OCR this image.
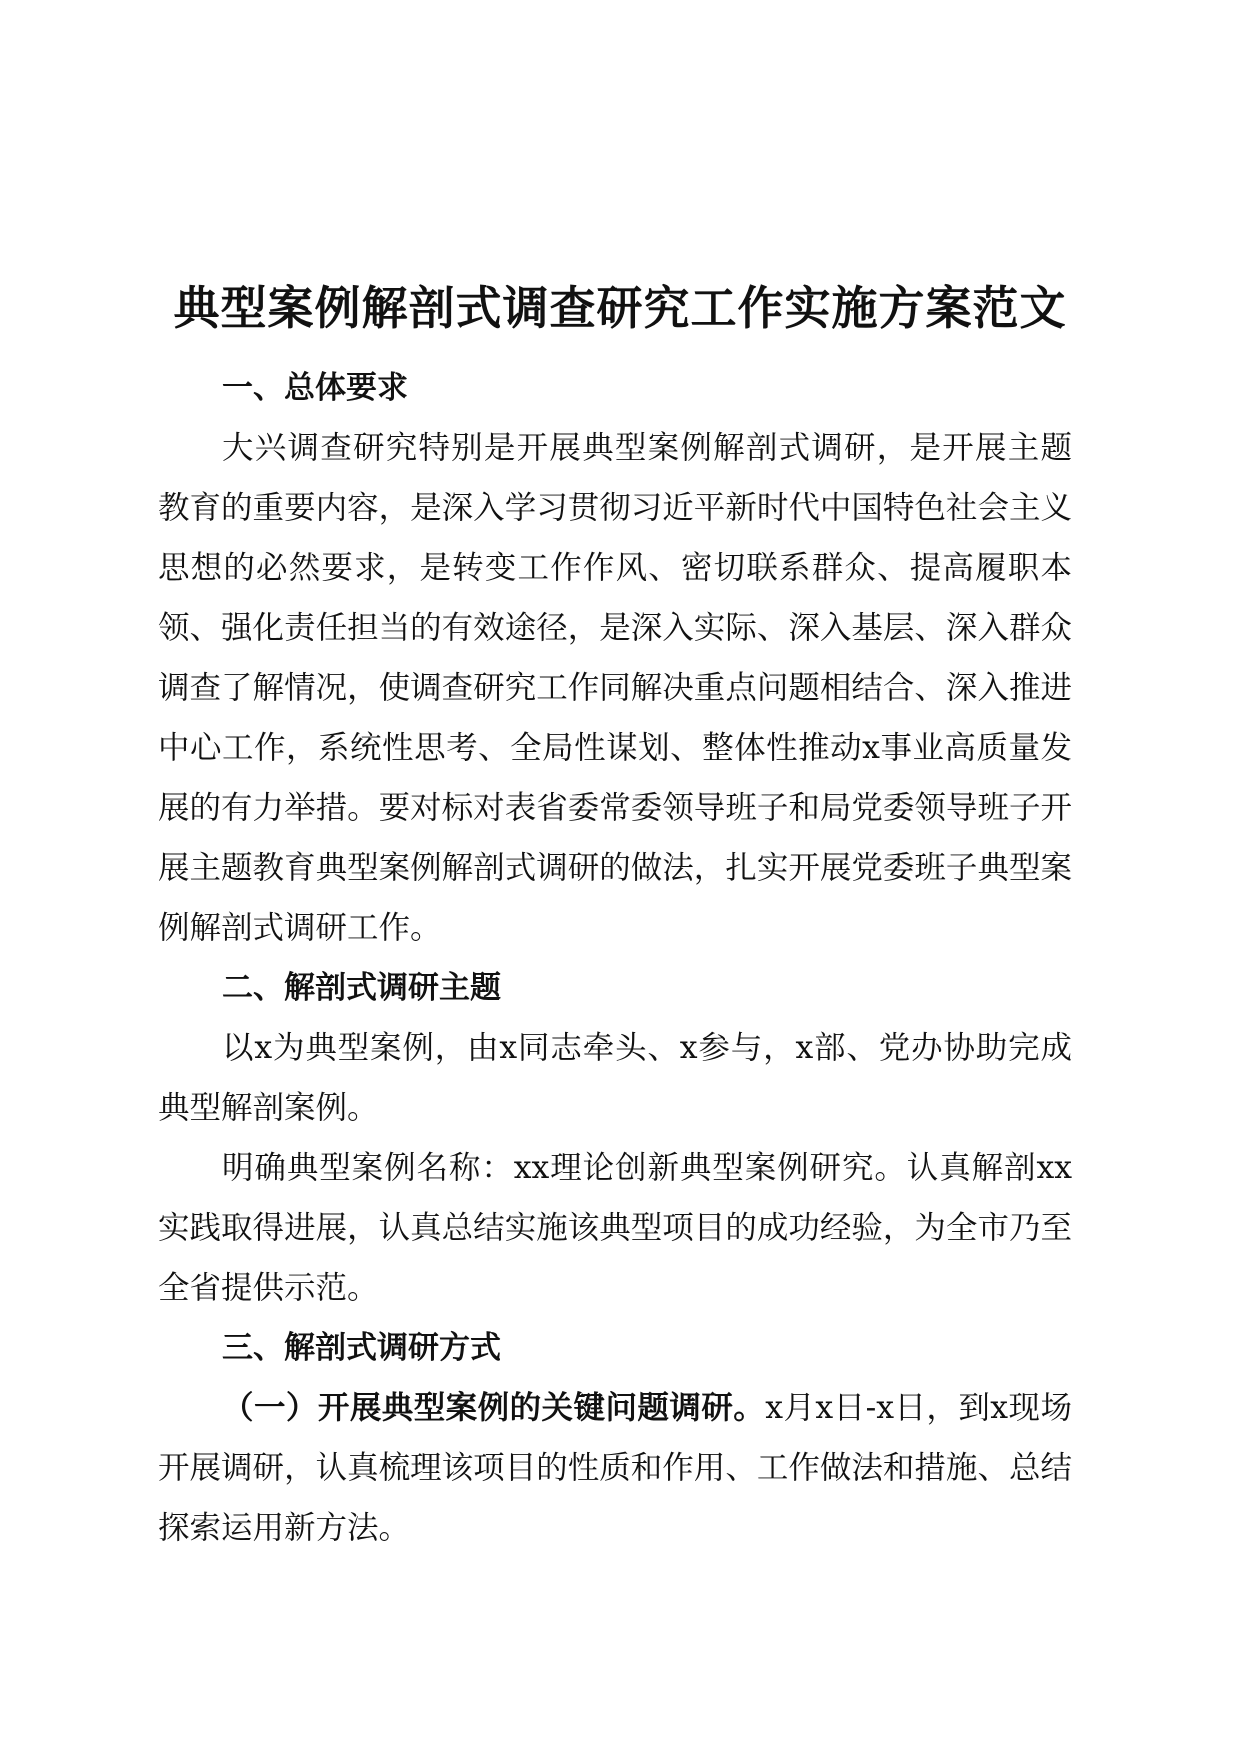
典型案例解剖式调查研究工作实施方案范文

一、总体要求

大兴调查研究特别是开展典型案例解剖式调研，是开展主题教育的重要内容，是深入学习贯彻习近平新时代中国特色社会主义思想的必然要求，是转变工作作风、密切联系群众、提高履职本领、强化责任担当的有效途径，是深入实际、深入基层、深入群众调查了解情况，使调查研究工作同解决重点问题相结合、深入推进中心工作，系统性思考、全局性谋划、整体性推动x事业高质量发展的有力举措。要对标对表省委常委领导班子和局党委领导班子开展主题教育典型案例解剖式调研的做法，扎实开展党委班子典型案例解剖式调研工作。

二、解剖式调研主题

以x为典型案例，由x同志牵头、x参与，x部、党办协助完成典型解剖案例。

明确典型案例名称：xx理论创新典型案例研究。认真解剖xx实践取得进展，认真总结实施该典型项目的成功经验，为全市乃至全省提供示范。

三、解剖式调研方式

（一）开展典型案例的关键问题调研。x月x日-x日，到x现场开展调研，认真梳理该项目的性质和作用、工作做法和措施、总结探索运用新方法。
